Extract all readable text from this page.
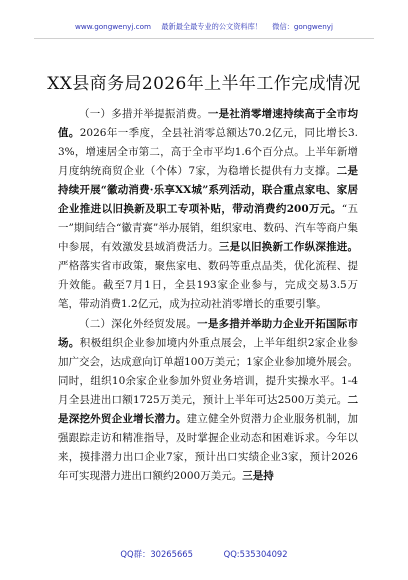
www.gongwenyj.com 最新最全最专业的公文资料库！ 微信：gongwenyj
XX县商务局2026年上半年工作完成情况

（一）多措并举提振消费。一是社消零增速持续高于全市均值。2026年一季度，全县社消零总额达70.2亿元，同比增长3.3%，增速居全市第二，高于全市平均1.6个百分点。上半年新增月度纳统商贸企业（个体）7家，为稳增长提供有力支撑。二是持续开展“徽动消费·乐享XX城”系列活动，联合重点家电、家居企业推进以旧换新及职工专项补贴，带动消费约200万元。“五一”期间结合“徽青赛”举办展销，组织家电、数码、汽车等商户集中参展，有效激发县域消费活力。三是以旧换新工作纵深推进。严格落实省市政策，聚焦家电、数码等重点品类，优化流程、提升效能。截至7月1日，全县193家企业参与，完成交易3.5万笔，带动消费1.2亿元，成为拉动社消零增长的重要引擎。

（二）深化外经贸发展。一是多措并举助力企业开拓国际市场。积极组织企业参加境内外重点展会，上半年组织2家企业参加广交会，达成意向订单超100万美元；1家企业参加境外展会。同时，组织10余家企业参加外贸业务培训，提升实操水平。1-4月全县进出口额1725万美元，预计上半年可达2500万美元。二是深挖外贸企业增长潜力。建立健全外贸潜力企业服务机制，加强跟踪走访和精准指导，及时掌握企业动态和困难诉求。今年以来，摸排潜力出口企业7家，预计出口实绩企业3家，预计2026年可实现潜力进出口额约2000万美元。三是持

QQ群：30265665	QQ:535304092
